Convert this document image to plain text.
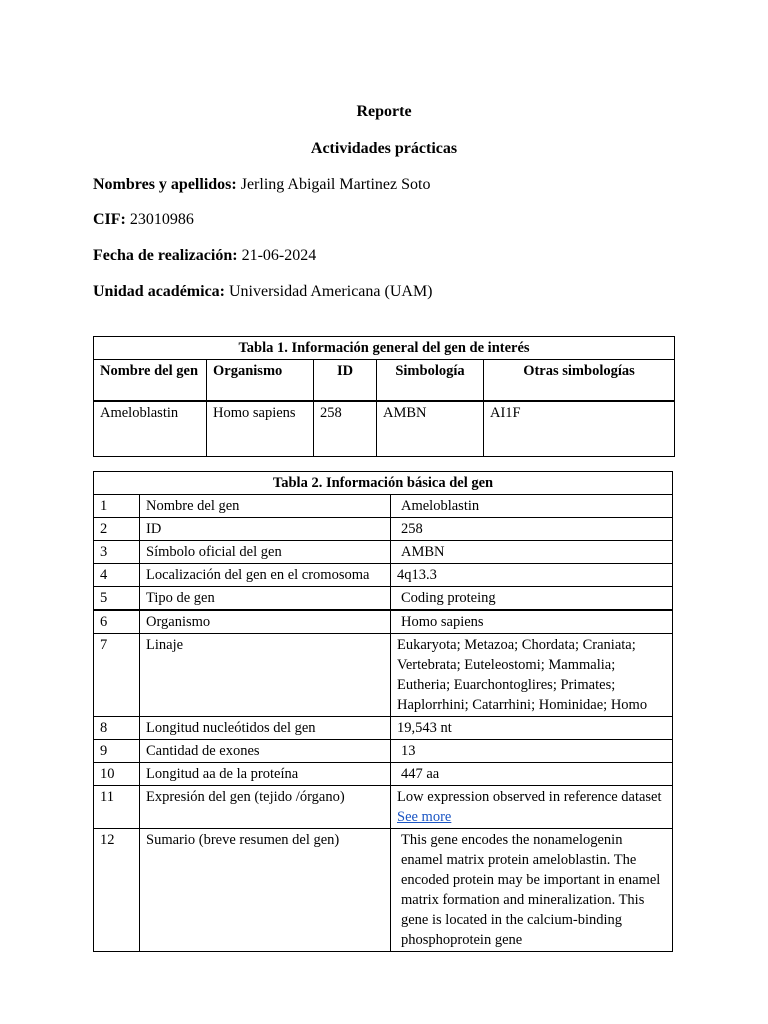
Reporte
Actividades prácticas
Nombres y apellidos: Jerling Abigail Martinez Soto
CIF: 23010986
Fecha de realización: 21-06-2024
Unidad académica: Universidad Americana (UAM)
Tabla 1. Información general del gen de interés				
Nombre del gen	Organismo	ID	Simbología	Otras simbologías
Ameloblastin	Homo sapiens	258	AMBN	AI1F
Tabla 2. Información básica del gen		
1	Nombre del gen	Ameloblastin
2	ID	258
3	Símbolo oficial del gen	AMBN
4	Localización del gen en el cromosoma	4q13.3
5	Tipo de gen	Coding proteing
6	Organismo	Homo sapiens
7	Linaje	Eukaryota; Metazoa; Chordata; Craniata; Vertebrata; Euteleostomi; Mammalia; Eutheria; Euarchontoglires; Primates; Haplorrhini; Catarrhini; Hominidae; Homo
8	Longitud nucleótidos del gen	19,543 nt
9	Cantidad de exones	13
10	Longitud aa de la proteína	447 aa
11	Expresión del gen (tejido /órgano)	Low expression observed in reference dataset See more
12	Sumario (breve resumen del gen)	This gene encodes the nonamelogenin enamel matrix protein ameloblastin. The encoded protein may be important in enamel matrix formation and mineralization. This gene is located in the calcium-binding phosphoprotein gene
